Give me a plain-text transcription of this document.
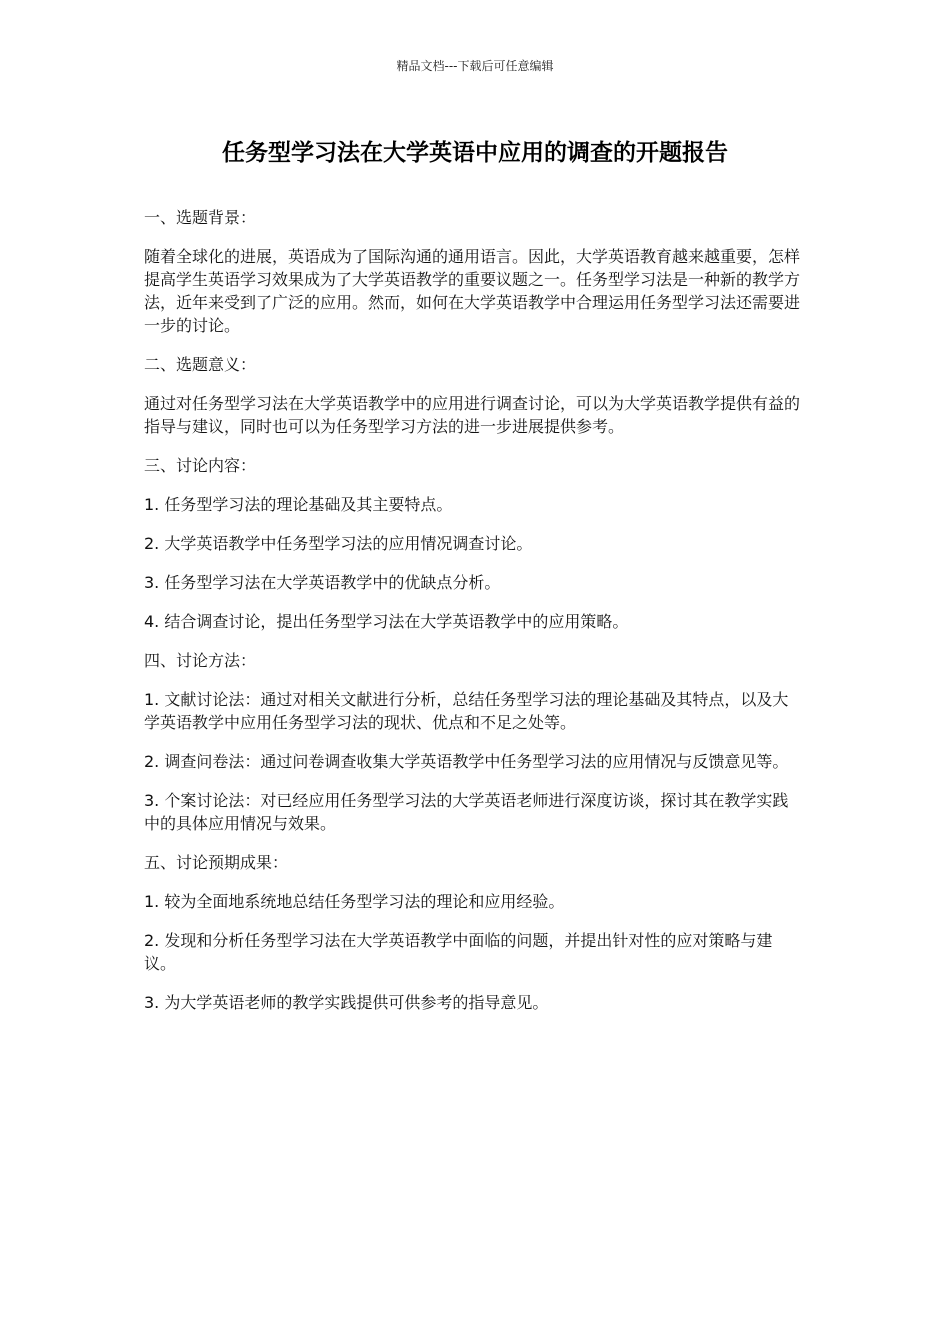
精品文档---下载后可任意编辑
任务型学习法在大学英语中应用的调查的开题报告

一、选题背景：

随着全球化的进展，英语成为了国际沟通的通用语言。因此，大学英语教育越来越重要，怎样提高学生英语学习效果成为了大学英语教学的重要议题之一。任务型学习法是一种新的教学方法，近年来受到了广泛的应用。然而，如何在大学英语教学中合理运用任务型学习法还需要进一步的讨论。

二、选题意义：

通过对任务型学习法在大学英语教学中的应用进行调查讨论，可以为大学英语教学提供有益的指导与建议，同时也可以为任务型学习方法的进一步进展提供参考。

三、讨论内容：

1. 任务型学习法的理论基础及其主要特点。

2. 大学英语教学中任务型学习法的应用情况调查讨论。

3. 任务型学习法在大学英语教学中的优缺点分析。

4. 结合调查讨论，提出任务型学习法在大学英语教学中的应用策略。

四、讨论方法：

1. 文献讨论法：通过对相关文献进行分析，总结任务型学习法的理论基础及其特点，以及大学英语教学中应用任务型学习法的现状、优点和不足之处等。

2. 调查问卷法：通过问卷调查收集大学英语教学中任务型学习法的应用情况与反馈意见等。

3. 个案讨论法：对已经应用任务型学习法的大学英语老师进行深度访谈，探讨其在教学实践中的具体应用情况与效果。

五、讨论预期成果：

1. 较为全面地系统地总结任务型学习法的理论和应用经验。

2. 发现和分析任务型学习法在大学英语教学中面临的问题，并提出针对性的应对策略与建议。

3. 为大学英语老师的教学实践提供可供参考的指导意见。
